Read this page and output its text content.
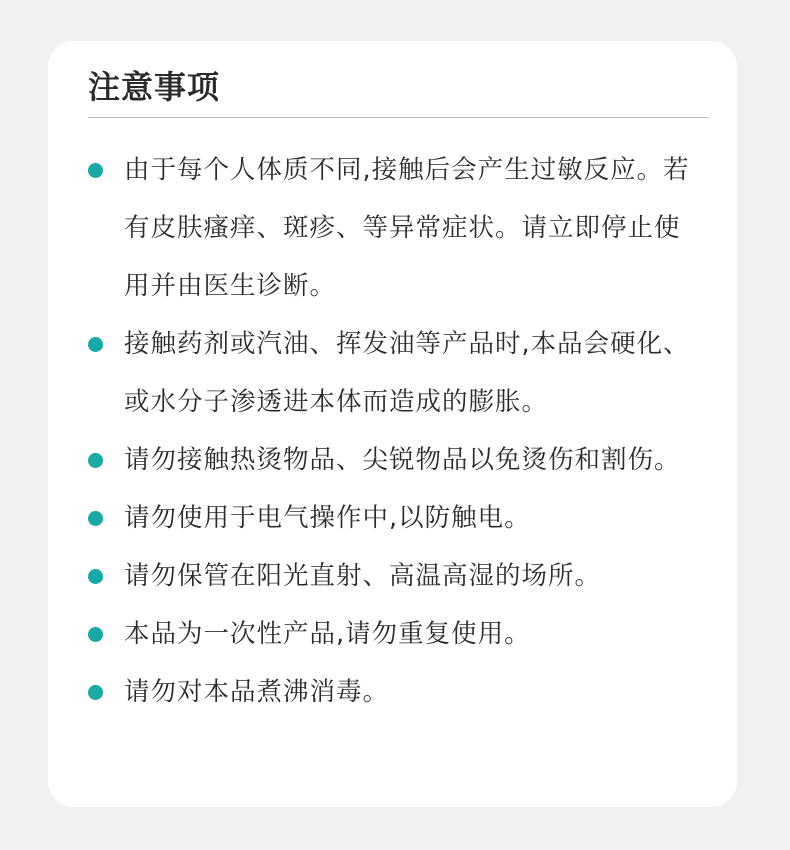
注意事项
由于每个人体质不同,接触后会产生过敏反应。若有皮肤瘙痒、斑疹、等异常症状。请立即停止使用并由医生诊断。
接触药剂或汽油、挥发油等产品时,本品会硬化、或水分子渗透进本体而造成的膨胀。
请勿接触热烫物品、尖锐物品以免烫伤和割伤。
请勿使用于电气操作中,以防触电。
请勿保管在阳光直射、高温高湿的场所。
本品为一次性产品,请勿重复使用。
请勿对本品煮沸消毒。
